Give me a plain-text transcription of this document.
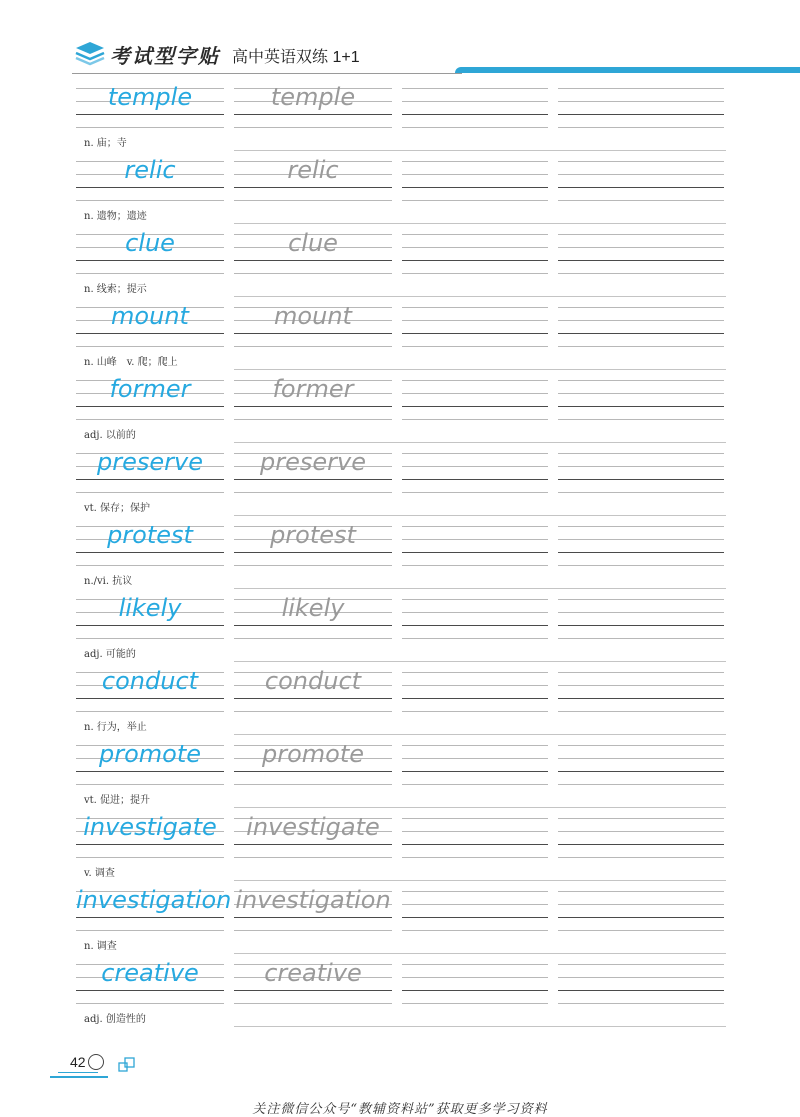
考试型字贴 高中英语双练 1+1
temple	temple
n. 庙；寺
relic	relic
n. 遗物；遗迹
clue	clue
n. 线索；提示
mount	mount
n. 山峰　v. 爬；爬上
former	former
adj. 以前的
preserve	preserve
vt. 保存；保护
protest	protest
n./vi. 抗议
likely	likely
adj. 可能的
conduct	conduct
n. 行为，举止
promote	promote
vt. 促进；提升
investigate	investigate
v. 调查
investigation investigation
n. 调查
creative	creative
adj. 创造性的
42
关注微信公众号“教辅资料站”获取更多学习资料
